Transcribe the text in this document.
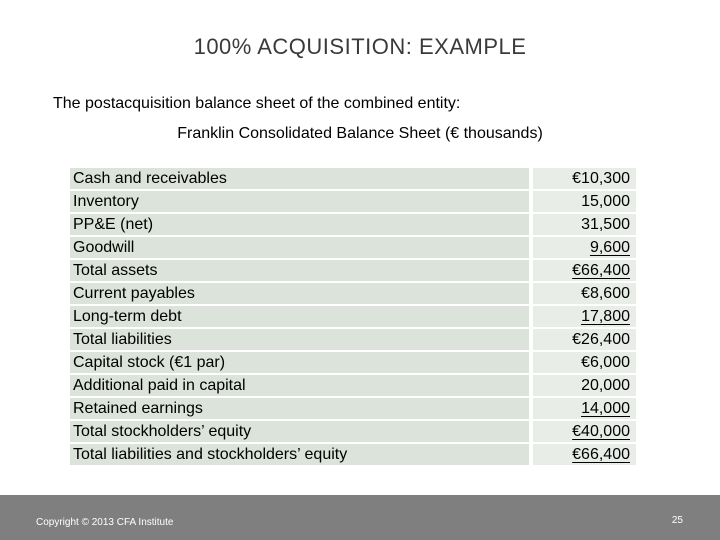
100% ACQUISITION: EXAMPLE
The postacquisition balance sheet of the combined entity:
Franklin Consolidated Balance Sheet (€ thousands)
Cash and receivables	€10,300
Inventory	15,000
PP&E (net)	31,500
Goodwill	9,600
Total assets	€66,400
Current payables	€8,600
Long-term debt	17,800
Total liabilities	€26,400
Capital stock (€1 par)	€6,000
Additional paid in capital	20,000
Retained earnings	14,000
Total stockholders’ equity	€40,000
Total liabilities and stockholders’ equity	€66,400
Copyright © 2013 CFA Institute	25
